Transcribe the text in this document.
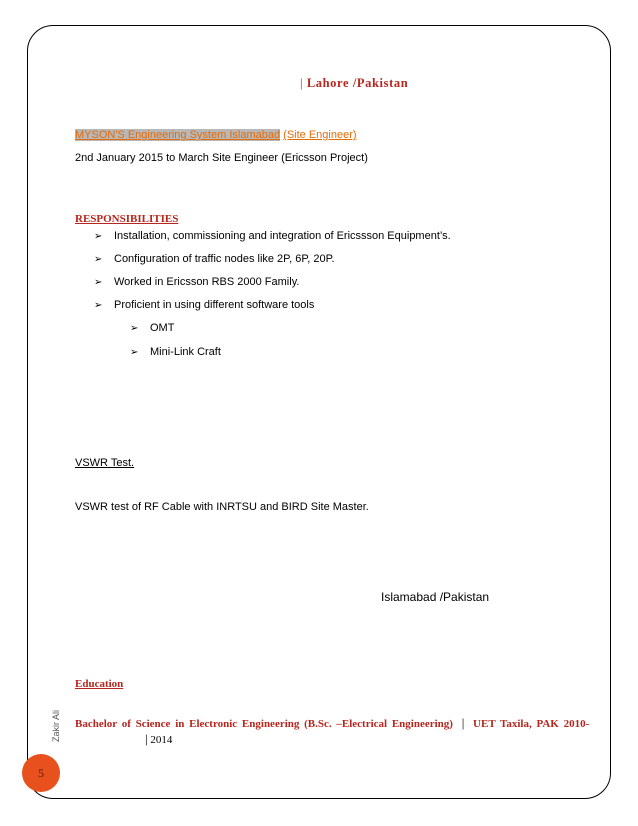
| Lahore /Pakistan
MYSON'S Engineering System Islamabad (Site Engineer)
2nd January 2015 to March Site Engineer (Ericsson Project)
RESPONSIBILITIES
➢ Installation, commissioning and integration of Ericssson Equipment’s.
➢ Configuration of traffic nodes like 2P, 6P, 20P.
➢ Worked in Ericsson RBS 2000 Family.
➢ Proficient in using different software tools
➢ OMT
➢ Mini-Link Craft
VSWR Test.
VSWR test of RF Cable with INRTSU and BIRD Site Master.
Islamabad /Pakistan
Education
Bachelor of Science in Electronic Engineering (B.Sc. –Electrical Engineering) | UET Taxila, PAK 2010-
| 2014
Zakir Ali
5
